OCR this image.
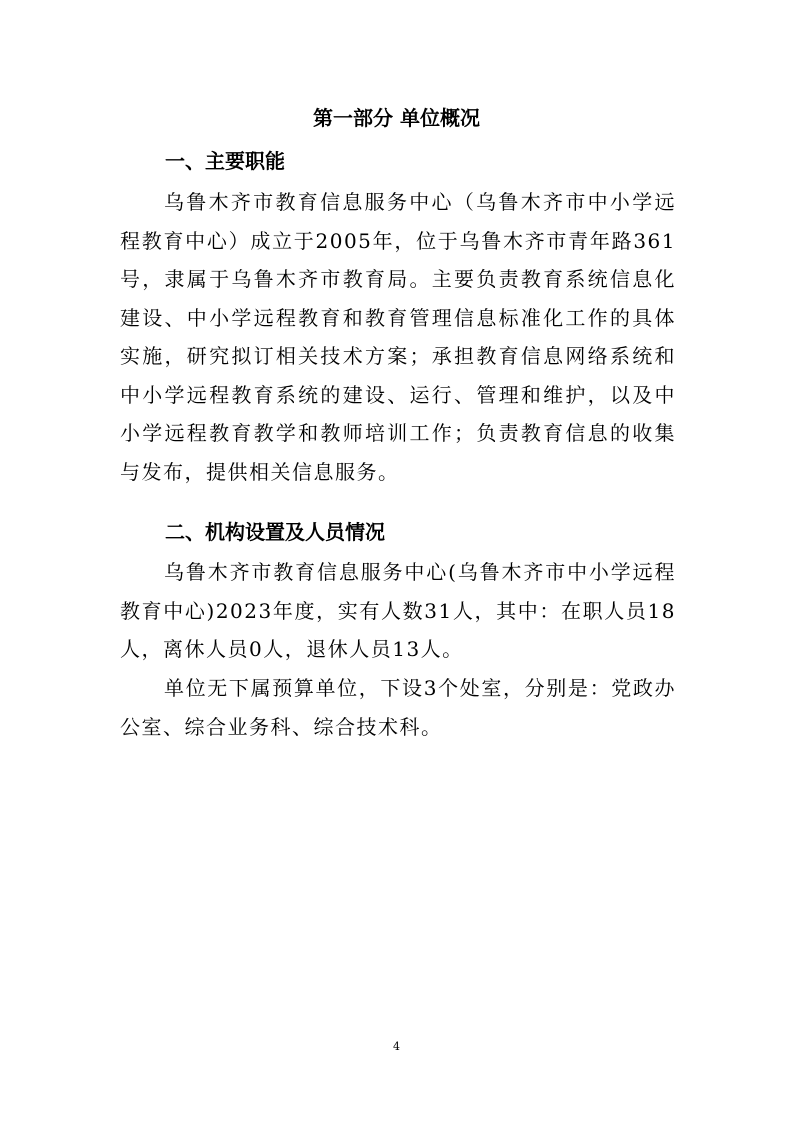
第一部分 单位概况
一、主要职能

乌鲁木齐市教育信息服务中心（乌鲁木齐市中小学远程教育中心）成立于2005年，位于乌鲁木齐市青年路361号，隶属于乌鲁木齐市教育局。主要负责教育系统信息化建设、中小学远程教育和教育管理信息标准化工作的具体实施，研究拟订相关技术方案；承担教育信息网络系统和中小学远程教育系统的建设、运行、管理和维护，以及中小学远程教育教学和教师培训工作；负责教育信息的收集与发布，提供相关信息服务。

二、机构设置及人员情况

乌鲁木齐市教育信息服务中心(乌鲁木齐市中小学远程教育中心)2023年度，实有人数31人，其中：在职人员18人，离休人员0人，退休人员13人。

单位无下属预算单位，下设3个处室，分别是：党政办公室、综合业务科、综合技术科。

4
